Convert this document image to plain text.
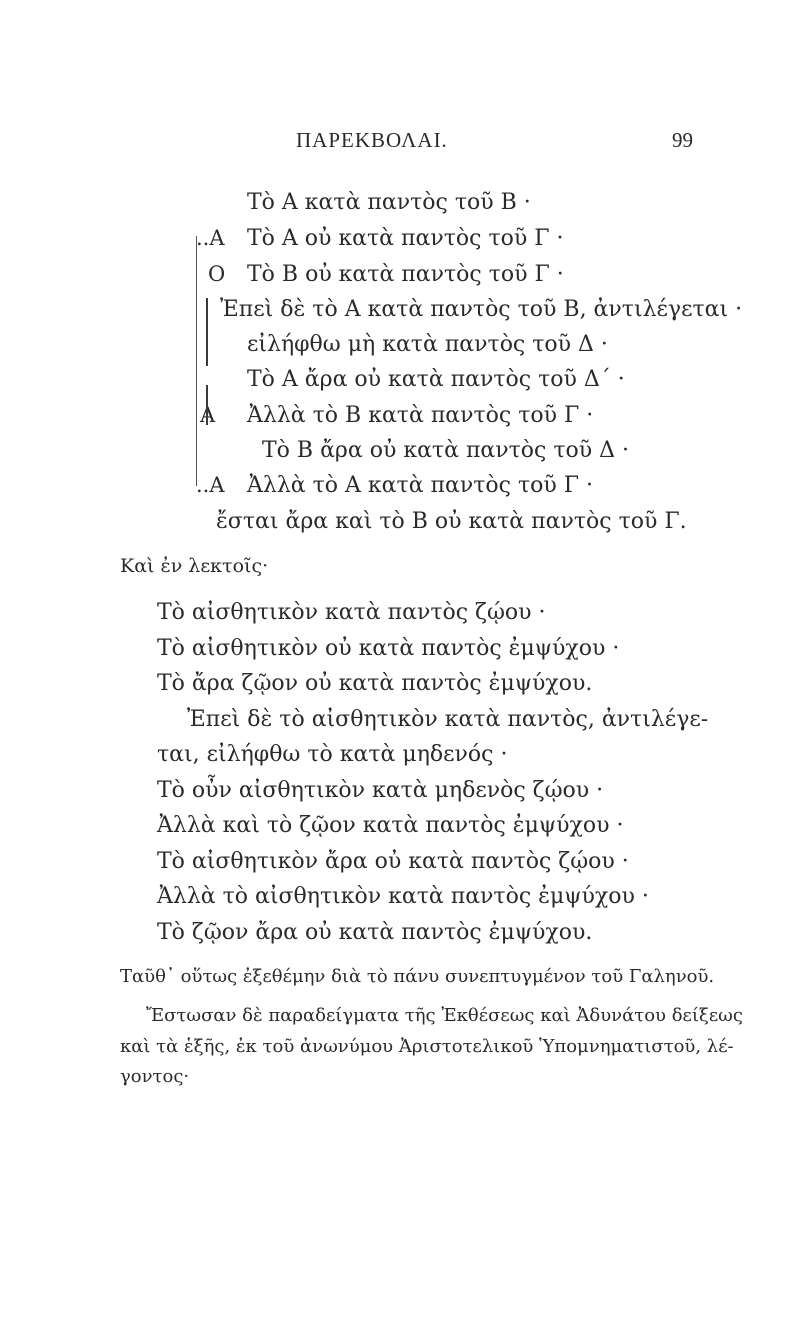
ΠΑΡΕΚΒΟΛΑΙ.	99
Τὸ Α κατὰ παντὸς τοῦ Β ·
..Α Τὸ Α οὐ κατὰ παντὸς τοῦ Γ ·
Ο Τὸ Β οὐ κατὰ παντὸς τοῦ Γ ·
Ἐπεὶ δὲ τὸ Α κατὰ παντὸς τοῦ Β, ἀντιλέγεται ·
εἰλήφθω μὴ κατὰ παντὸς τοῦ Δ ·
Τὸ Α ἄρα οὐ κατὰ παντὸς τοῦ Δ΄ ·
Α Ἀλλὰ τὸ Β κατὰ παντὸς τοῦ Γ ·
Τὸ Β ἄρα οὐ κατὰ παντὸς τοῦ Δ ·
..Α Ἀλλὰ τὸ Α κατὰ παντὸς τοῦ Γ ·
ἔσται ἄρα καὶ τὸ Β οὐ κατὰ παντὸς τοῦ Γ.
Καὶ ἐν λεκτοῖς·
Τὸ αἰσθητικὸν κατὰ παντὸς ζῴου ·
Τὸ αἰσθητικὸν οὐ κατὰ παντὸς ἐμψύχου ·
Τὸ ἄρα ζῷον οὐ κατὰ παντὸς ἐμψύχου.
Ἐπεὶ δὲ τὸ αἰσθητικὸν κατὰ παντὸς, ἀντιλέγε-
ται, εἰλήφθω τὸ κατὰ μηδενός ·
Τὸ οὖν αἰσθητικὸν κατὰ μηδενὸς ζῴου ·
Ἀλλὰ καὶ τὸ ζῷον κατὰ παντὸς ἐμψύχου ·
Τὸ αἰσθητικὸν ἄρα οὐ κατὰ παντὸς ζῴου ·
Ἀλλὰ τὸ αἰσθητικὸν κατὰ παντὸς ἐμψύχου ·
Τὸ ζῷον ἄρα οὐ κατὰ παντὸς ἐμψύχου.
Ταῦθ᾽ οὕτως ἐξεθέμην διὰ τὸ πάνυ συνεπτυγμένον τοῦ Γαληνοῦ.
Ἔστωσαν δὲ παραδείγματα τῆς Ἐκθέσεως καὶ Ἀδυνάτου δείξεως
καὶ τὰ ἑξῆς, ἐκ τοῦ ἀνωνύμου Ἀριστοτελικοῦ Ὑπομνηματιστοῦ, λέ-
γοντος·
